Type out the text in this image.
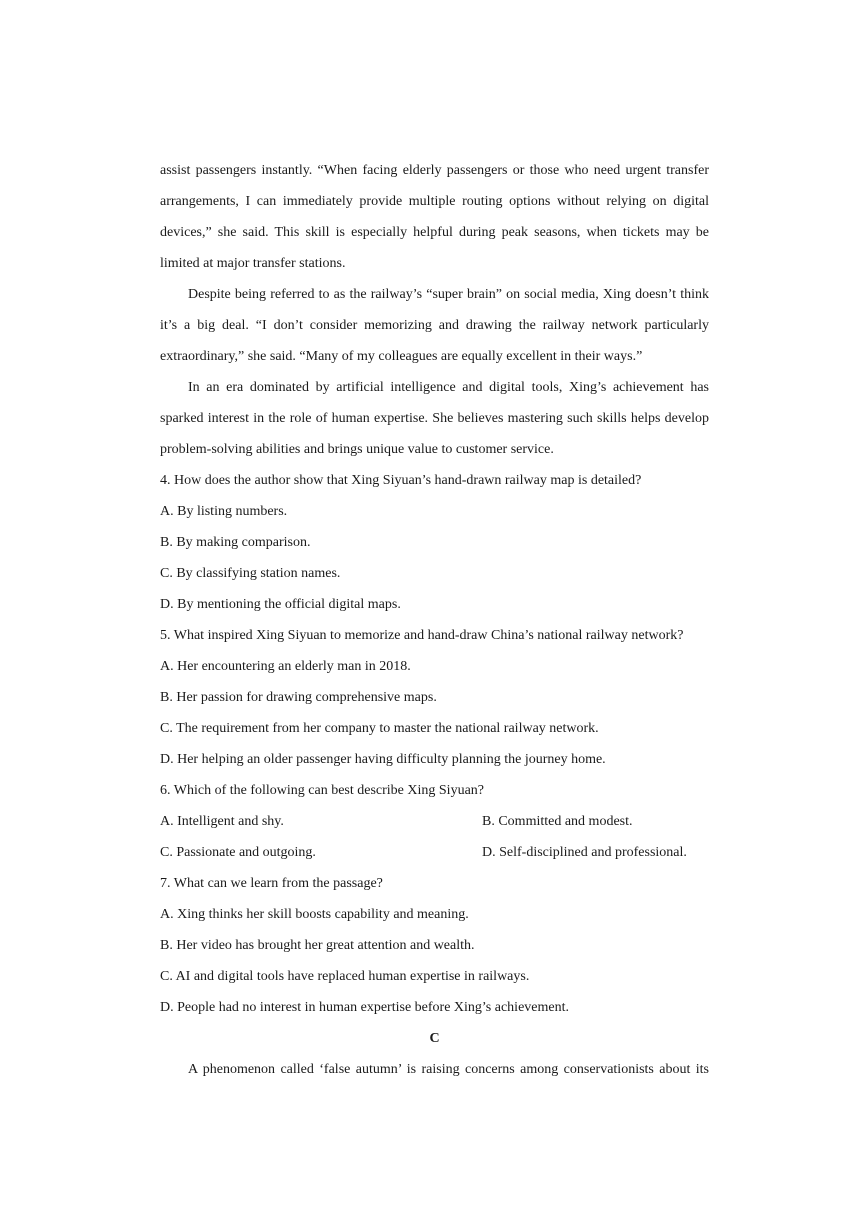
assist passengers instantly. “When facing elderly passengers or those who need urgent transfer
arrangements, I can immediately provide multiple routing options without relying on digital
devices,” she said. This skill is especially helpful during peak seasons, when tickets may be
limited at major transfer stations.
Despite being referred to as the railway’s “super brain” on social media, Xing doesn’t think
it’s a big deal. “I don’t consider memorizing and drawing the railway network particularly
extraordinary,” she said. “Many of my colleagues are equally excellent in their ways.”
In an era dominated by artificial intelligence and digital tools, Xing’s achievement has
sparked interest in the role of human expertise. She believes mastering such skills helps develop
problem-solving abilities and brings unique value to customer service.
4. How does the author show that Xing Siyuan’s hand-drawn railway map is detailed?
A. By listing numbers.
B. By making comparison.
C. By classifying station names.
D. By mentioning the official digital maps.
5. What inspired Xing Siyuan to memorize and hand-draw China’s national railway network?
A. Her encountering an elderly man in 2018.
B. Her passion for drawing comprehensive maps.
C. The requirement from her company to master the national railway network.
D. Her helping an older passenger having difficulty planning the journey home.
6. Which of the following can best describe Xing Siyuan?
A. Intelligent and shy.	B. Committed and modest.
C. Passionate and outgoing.	D. Self-disciplined and professional.
7. What can we learn from the passage?
A. Xing thinks her skill boosts capability and meaning.
B. Her video has brought her great attention and wealth.
C. AI and digital tools have replaced human expertise in railways.
D. People had no interest in human expertise before Xing’s achievement.
C
A phenomenon called ‘false autumn’ is raising concerns among conservationists about its
